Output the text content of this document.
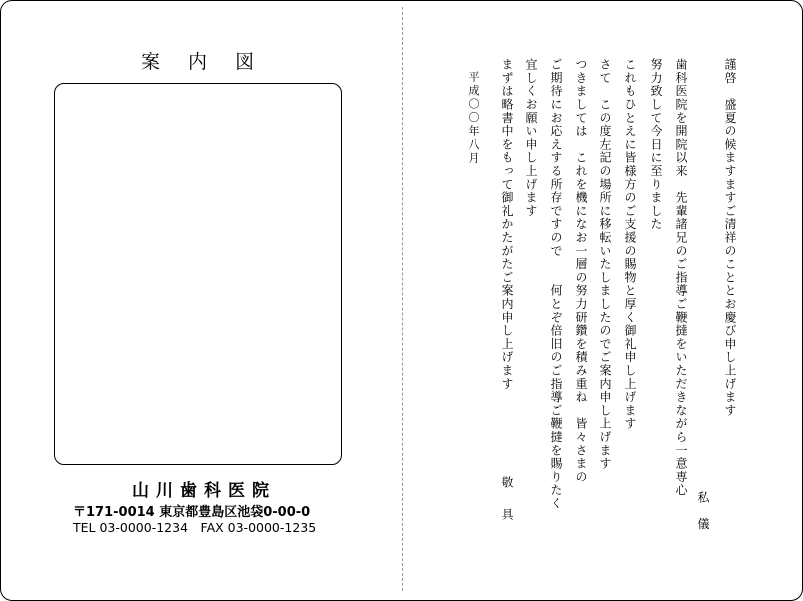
案 内 図
山川歯科医院
〒171-0014 東京都豊島区池袋0-00-0
TEL 03-0000-1234　FAX 03-0000-1235
謹啓　盛夏の候ますますご清祥のこととお慶び申し上げます
私　儀
歯科医院を開院以来　先輩諸兄のご指導ご鞭撻をいただきながら一意専心
努力致して今日に至りました
これもひとえに皆様方のご支援の賜物と厚く御礼申し上げます
さて　この度左記の場所に移転いたしましたのでご案内申し上げます
つきましては　これを機になお一層の努力研鑽を積み重ね　皆々さまの
ご期待にお応えする所存ですので　　何とぞ倍旧のご指導ご鞭撻を賜りたく
宜しくお願い申し上げます
まずは略書中をもって御礼かたがたご案内申し上げます
敬　具
平成〇〇年八月
